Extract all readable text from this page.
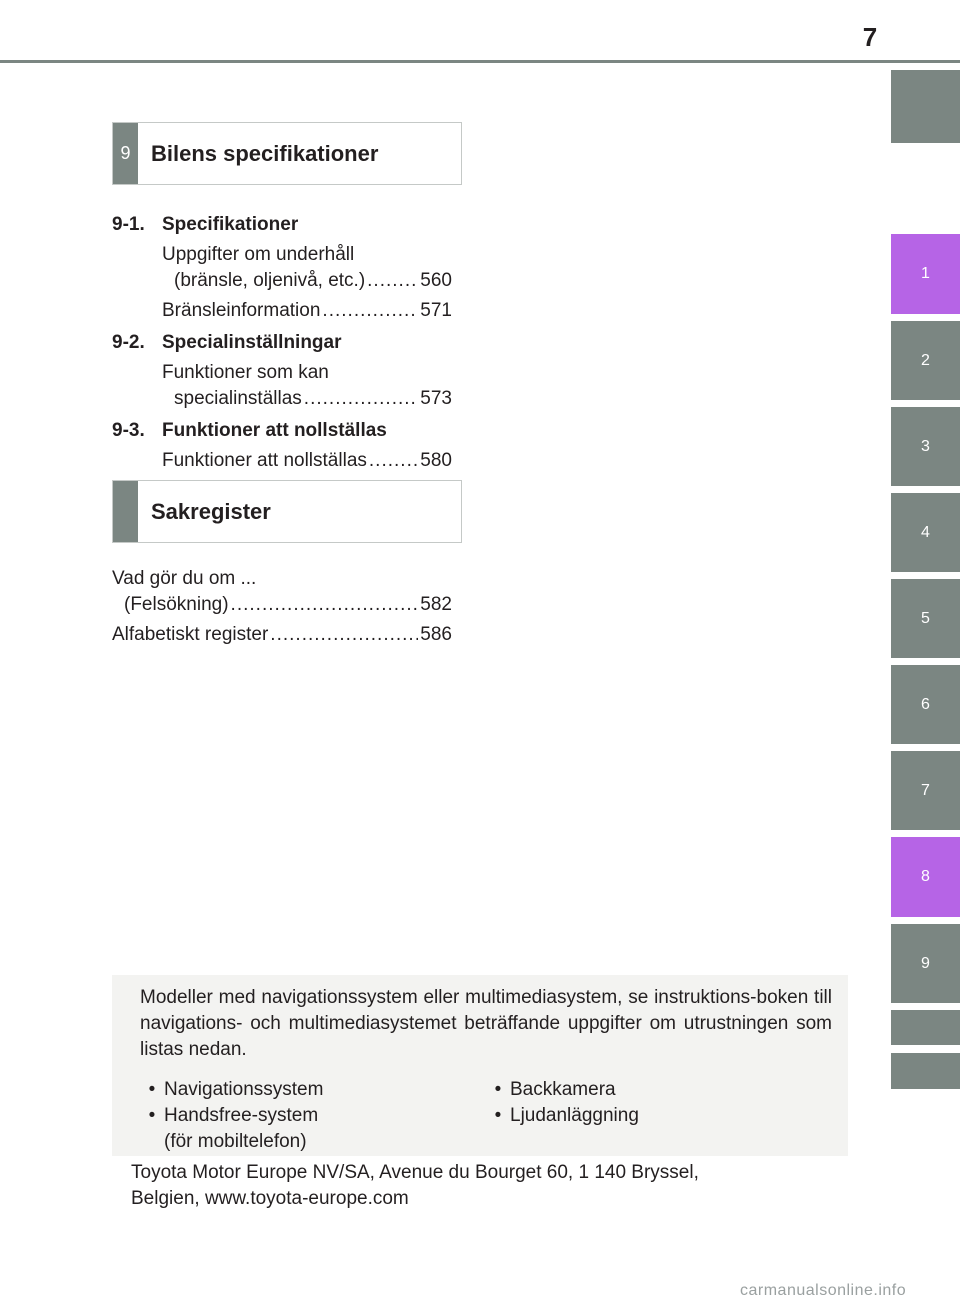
7
1
2
3
4
5
6
7
8
9
9 Bilens specifikationer
9-1. Specifikationer
Uppgifter om underhåll
(bränsle, oljenivå, etc.) .....	560
Bränsleinformation .....	571
9-2. Specialinställningar
Funktioner som kan
specialinställas .....	573
9-3. Funktioner att nollställas
Funktioner att nollställas .....	580
Sakregister
Vad gör du om ...
(Felsökning) .....	582
Alfabetiskt register .....	586
Modeller med navigationssystem eller multimediasystem, se instruktions-boken till navigations- och multimediasystemet beträffande uppgifter om utrustningen som listas nedan.
• Navigationssystem
• Handsfree-system
(för mobiltelefon)
• Backkamera
• Ljudanläggning
Toyota Motor Europe NV/SA, Avenue du Bourget 60, 1 140 Bryssel,
Belgien, www.toyota-europe.com
carmanualsonline.info
